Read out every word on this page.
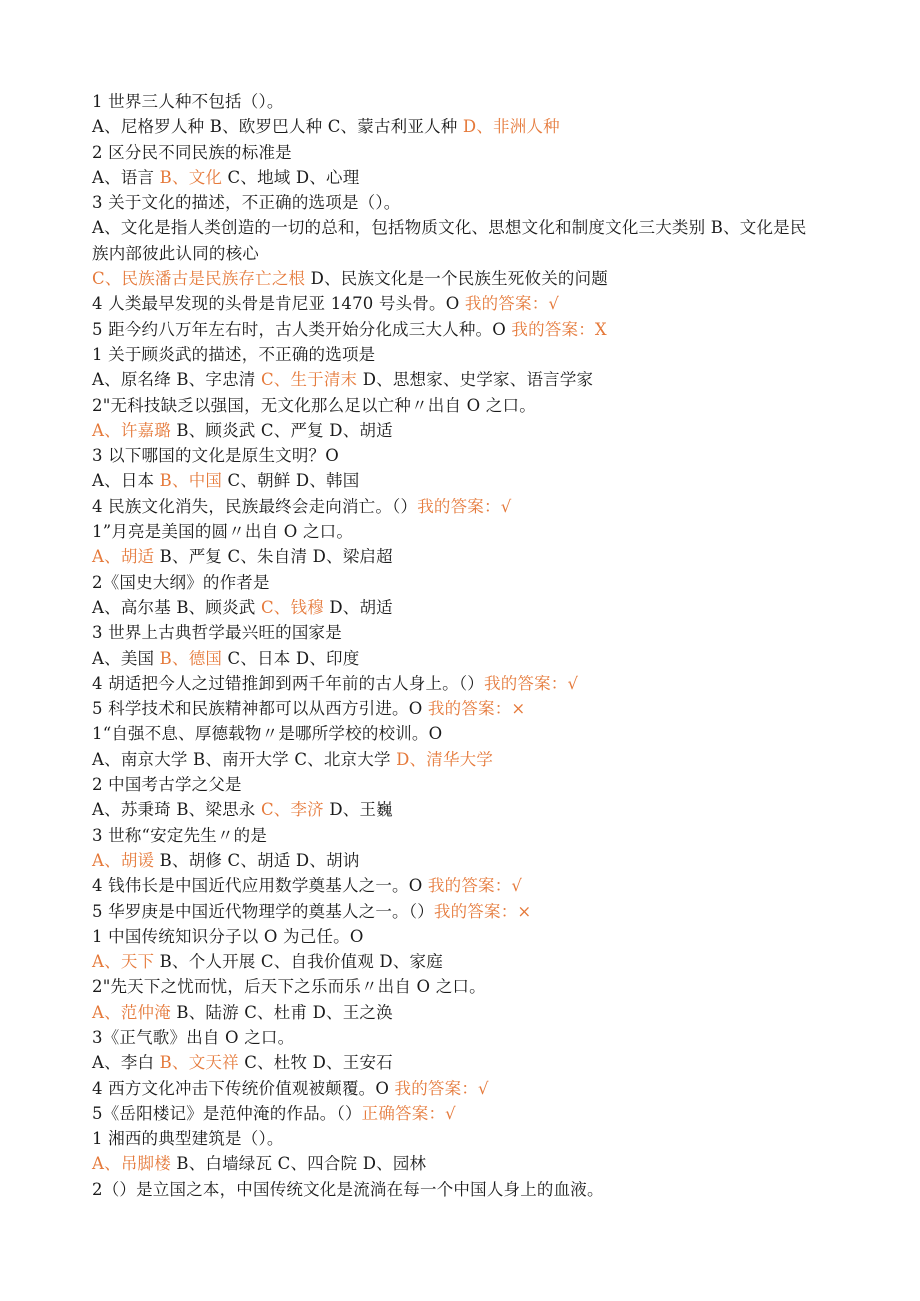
1 世界三人种不包括（）。
A、尼格罗人种 B、欧罗巴人种 C、蒙古利亚人种 D、非洲人种
2 区分民不同民族的标准是
A、语言 B、文化 C、地域 D、心理
3 关于文化的描述，不正确的选项是（）。
A、文化是指人类创造的一切的总和，包括物质文化、思想文化和制度文化三大类别 B、文化是民族内部彼此认同的核心
C、民族潘古是民族存亡之根 D、民族文化是一个民族生死攸关的问题
4 人类最早发现的头骨是肯尼亚 1470 号头骨。O 我的答案：√
5 距今约八万年左右时，古人类开始分化成三大人种。O 我的答案：X
1 关于顾炎武的描述，不正确的选项是
A、原名绛 B、字忠清 C、生于清末 D、思想家、史学家、语言学家
2"无科技缺乏以强国，无文化那么足以亡种〃出自 O 之口。
A、许嘉璐 B、顾炎武 C、严复 D、胡适
3 以下哪国的文化是原生文明？O
A、日本 B、中国 C、朝鲜 D、韩国
4 民族文化消失，民族最终会走向消亡。（）我的答案：√
1”月亮是美国的圆〃出自 O 之口。
A、胡适 B、严复 C、朱自清 D、梁启超
2《国史大纲》的作者是
A、高尔基 B、顾炎武 C、钱穆 D、胡适
3 世界上古典哲学最兴旺的国家是
A、美国 B、德国 C、日本 D、印度
4 胡适把今人之过错推卸到两千年前的古人身上。（）我的答案：√
5 科学技术和民族精神都可以从西方引进。O 我的答案：×
1“自强不息、厚德载物〃是哪所学校的校训。O
A、南京大学 B、南开大学 C、北京大学 D、清华大学
2 中国考古学之父是
A、苏秉琦 B、梁思永 C、李济 D、王巍
3 世称“安定先生〃的是
A、胡谖 B、胡修 C、胡适 D、胡讷
4 钱伟长是中国近代应用数学奠基人之一。O 我的答案：√
5 华罗庚是中国近代物理学的奠基人之一。（）我的答案：×
1 中国传统知识分子以 O 为己任。O
A、天下 B、个人开展 C、自我价值观 D、家庭
2"先天下之忧而忧，后天下之乐而乐〃出自 O 之口。
A、范仲淹 B、陆游 C、杜甫 D、王之涣
3《正气歌》出自 O 之口。
A、李白 B、文天祥 C、杜牧 D、王安石
4 西方文化冲击下传统价值观被颠覆。O 我的答案：√
5《岳阳楼记》是范仲淹的作品。（）正确答案：√
1 湘西的典型建筑是（）。
A、吊脚楼 B、白墙绿瓦 C、四合院 D、园林
2（）是立国之本，中国传统文化是流淌在每一个中国人身上的血液。
